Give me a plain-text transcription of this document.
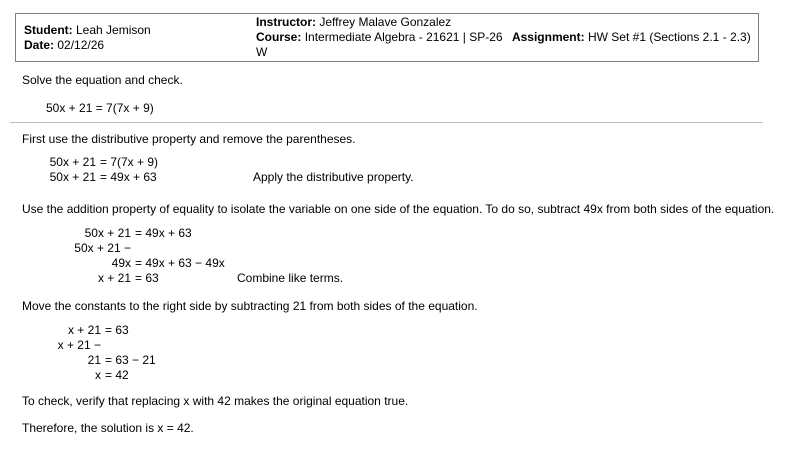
Student: Leah Jemison
Date: 02/12/26
Instructor: Jeffrey Malave Gonzalez
Course: Intermediate Algebra - 21621 | SP-26 Assignment: HW Set #1 (Sections 2.1 - 2.3) W

Solve the equation and check.

50x + 21 = 7(7x + 9)

First use the distributive property and remove the parentheses.

50x + 21 = 7(7x + 9)
50x + 21 = 49x + 63	Apply the distributive property.

Use the addition property of equality to isolate the variable on one side of the equation. To do so, subtract 49x from both sides of the equation.

50x + 21 = 49x + 63
50x + 21 − 49x = 49x + 63 − 49x
x + 21 = 63	Combine like terms.

Move the constants to the right side by subtracting 21 from both sides of the equation.

x + 21 = 63
x + 21 − 21 = 63 − 21
x = 42

To check, verify that replacing x with 42 makes the original equation true.

Therefore, the solution is x = 42.
